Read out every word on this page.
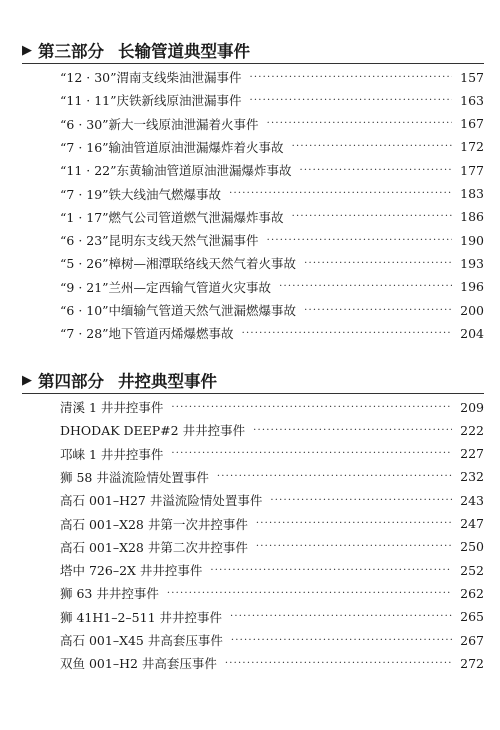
▶ 第三部分 长输管道典型事件
“12 · 30”渭南支线柴油泄漏事件 ·····	157
“11 · 11”庆铁新线原油泄漏事件 ·····	163
“6 · 30”新大一线原油泄漏着火事件 ·····	167
“7 · 16”输油管道原油泄漏爆炸着火事故 ·····	172
“11 · 22”东黄输油管道原油泄漏爆炸事故 ·····	177
“7 · 19”铁大线油气燃爆事故 ·····	183
“1 · 17”燃气公司管道燃气泄漏爆炸事故 ·····	186
“6 · 23”昆明东支线天然气泄漏事件 ·····	190
“5 · 26”樟树—湘潭联络线天然气着火事故 ·····	193
“9 · 21”兰州—定西输气管道火灾事故 ·····	196
“6 · 10”中缅输气管道天然气泄漏燃爆事故 ·····	200
“7 · 28”地下管道丙烯爆燃事故 ·····	204
▶ 第四部分 井控典型事件
清溪 1 井井控事件 ·····	209
DHODAK DEEP#2 井井控事件 ·····	222
邛崃 1 井井控事件 ·····	227
狮 58 井溢流险情处置事件 ·····	232
高石 001–H27 井溢流险情处置事件 ·····	243
高石 001–X28 井第一次井控事件 ·····	247
高石 001–X28 井第二次井控事件 ·····	250
塔中 726–2X 井井控事件 ·····	252
狮 63 井井控事件 ·····	262
狮 41H1–2–511 井井控事件 ·····	265
高石 001–X45 井高套压事件 ·····	267
双鱼 001–H2 井高套压事件 ·····	272
